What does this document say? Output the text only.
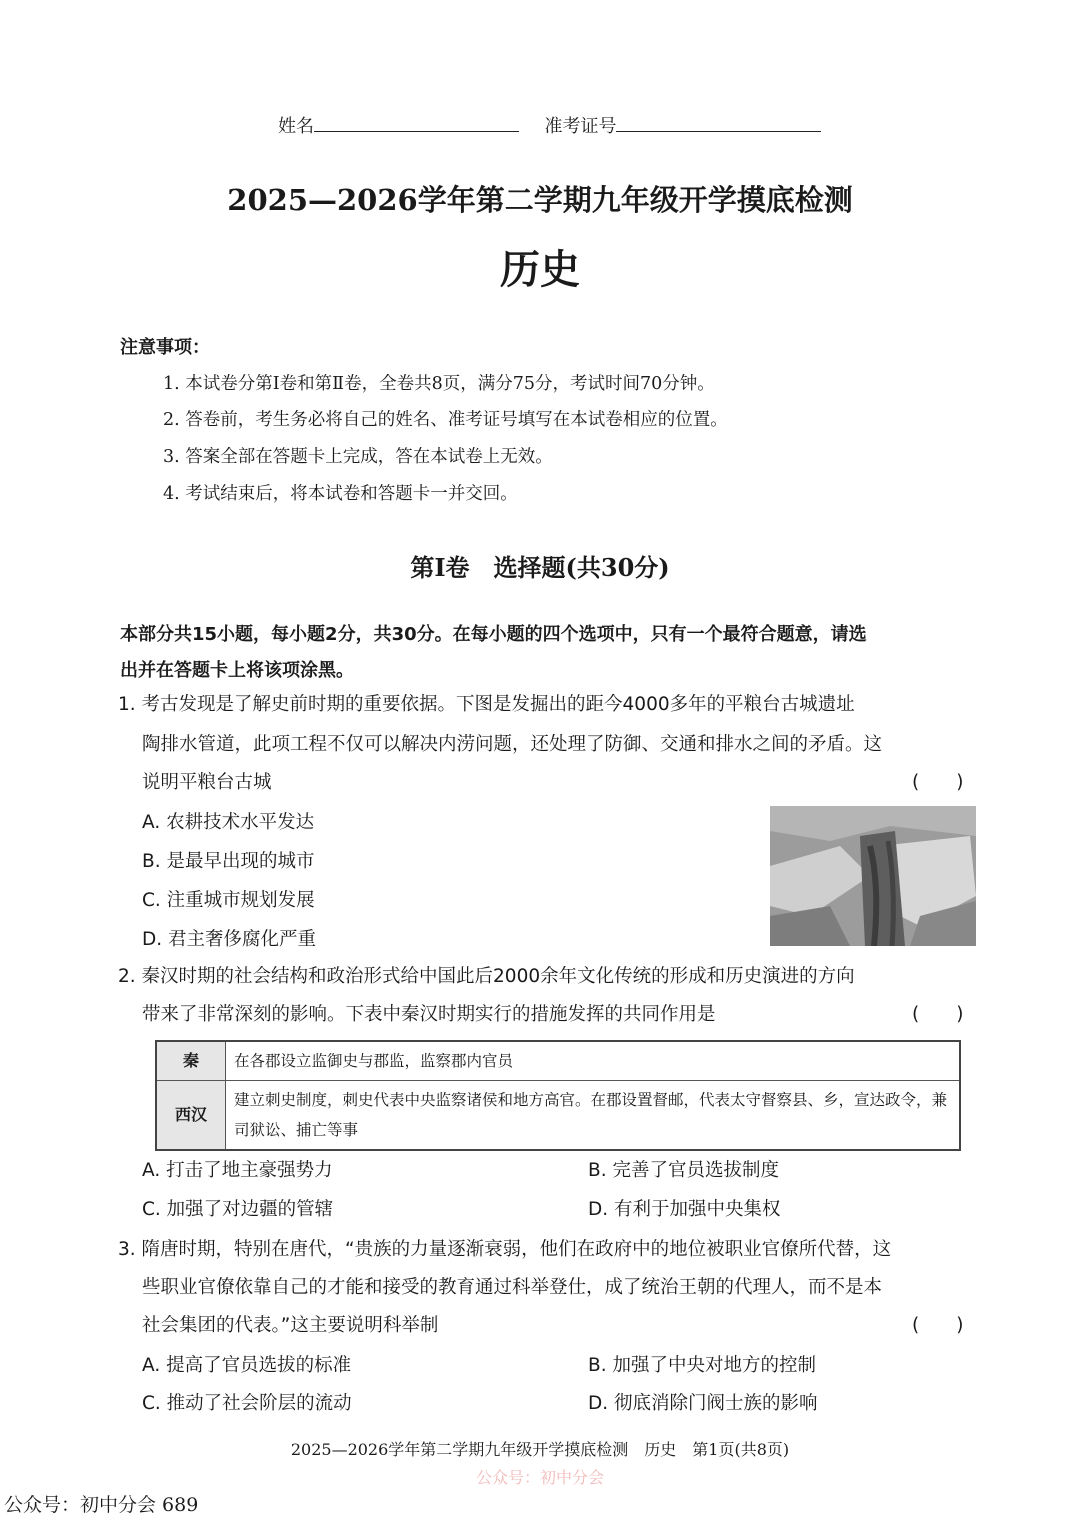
姓名	准考证号
2025—2026学年第二学期九年级开学摸底检测
历史
注意事项：
1. 本试卷分第Ⅰ卷和第Ⅱ卷，全卷共8页，满分75分，考试时间70分钟。
2. 答卷前，考生务必将自己的姓名、准考证号填写在本试卷相应的位置。
3. 答案全部在答题卡上完成，答在本试卷上无效。
4. 考试结束后，将本试卷和答题卡一并交回。
第Ⅰ卷　选择题(共30分)
本部分共15小题，每小题2分，共30分。在每小题的四个选项中，只有一个最符合题意，请选
出并在答题卡上将该项涂黑。
1. 考古发现是了解史前时期的重要依据。下图是发掘出的距今4000多年的平粮台古城遗址
陶排水管道，此项工程不仅可以解决内涝问题，还处理了防御、交通和排水之间的矛盾。这
说明平粮台古城	(　　)
A. 农耕技术水平发达
B. 是最早出现的城市
C. 注重城市规划发展
D. 君主奢侈腐化严重
2. 秦汉时期的社会结构和政治形式给中国此后2000余年文化传统的形成和历史演进的方向
带来了非常深刻的影响。下表中秦汉时期实行的措施发挥的共同作用是	(　　)
秦	在各郡设立监御史与郡监，监察郡内官员
西汉	建立刺史制度，刺史代表中央监察诸侯和地方高官。在郡设置督邮，代表太守督察县、乡，宣达政令，兼司狱讼、捕亡等事
A. 打击了地主豪强势力	B. 完善了官员选拔制度
C. 加强了对边疆的管辖	D. 有利于加强中央集权
3. 隋唐时期，特别在唐代，“贵族的力量逐渐衰弱，他们在政府中的地位被职业官僚所代替，这
些职业官僚依靠自己的才能和接受的教育通过科举登仕，成了统治王朝的代理人，而不是本
社会集团的代表。”这主要说明科举制	(　　)
A. 提高了官员选拔的标准	B. 加强了中央对地方的控制
C. 推动了社会阶层的流动	D. 彻底消除门阀士族的影响
2025—2026学年第二学期九年级开学摸底检测　历史　第1页(共8页)
公众号：初中分会
公众号：初中分会 689
